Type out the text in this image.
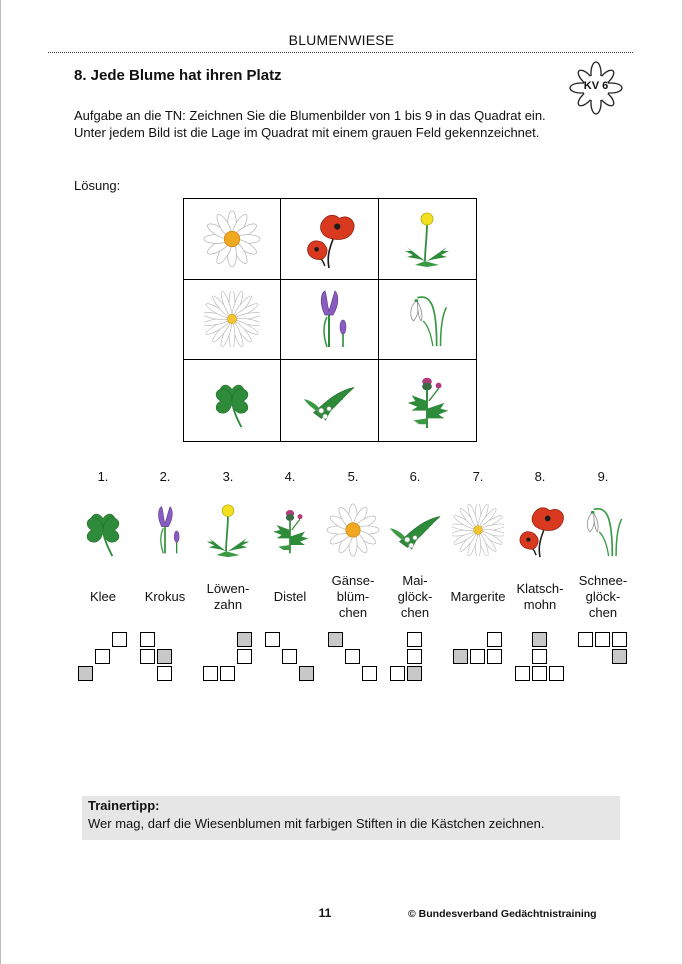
BLUMENWIESE
8. Jede Blume hat ihren Platz
KV 6
Aufgabe an die TN: Zeichnen Sie die Blumenbilder von 1 bis 9 in das Quadrat ein. Unter jedem Bild ist die Lage im Quadrat mit einem grauen Feld gekennzeichnet.
Lösung:
1.
Klee
2.
Krokus
3.
Löwen-
zahn
4.
Distel
5.
Gänse-
blüm-
chen
6.
Mai-
glöck-
chen
7.
Margerite
8.
Klatsch-
mohn
9.
Schnee-
glöck-
chen
Trainertipp:
Wer mag, darf die Wiesenblumen mit farbigen Stiften in die Kästchen zeichnen.
11	© Bundesverband Gedächtnistraining
